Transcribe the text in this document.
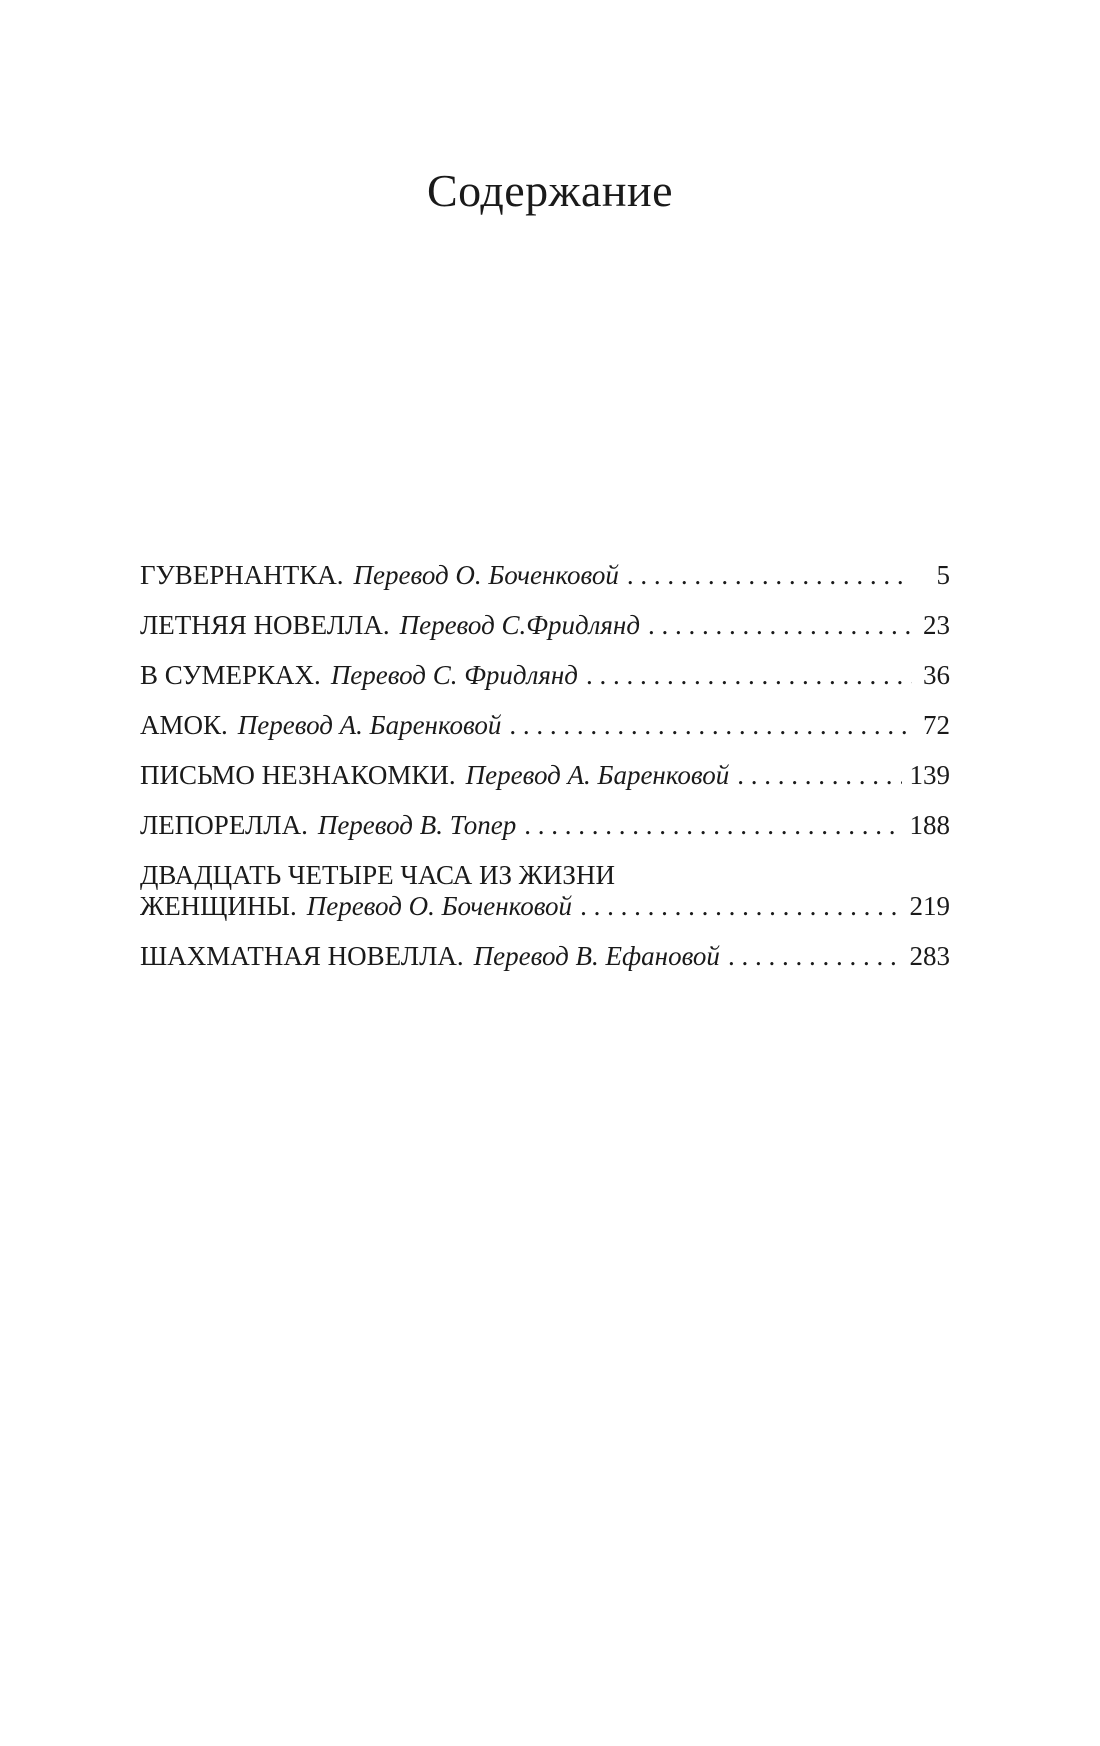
Содержание
ГУВЕРНАНТКА. Перевод О. Боченковой . . .	5
ЛЕТНЯЯ НОВЕЛЛА. Перевод С.Фридлянд . . .	23
В СУМЕРКАХ. Перевод С. Фридлянд . . .	36
АМОК. Перевод А. Баренковой . . .	72
ПИСЬМО НЕЗНАКОМКИ. Перевод А. Баренковой . . .	139
ЛЕПОРЕЛЛА. Перевод В. Топер . . .	188
ДВАДЦАТЬ ЧЕТЫРЕ ЧАСА ИЗ ЖИЗНИ
ЖЕНЩИНЫ. Перевод О. Боченковой . . .	219
ШАХМАТНАЯ НОВЕЛЛА. Перевод В. Ефановой . . .	283
